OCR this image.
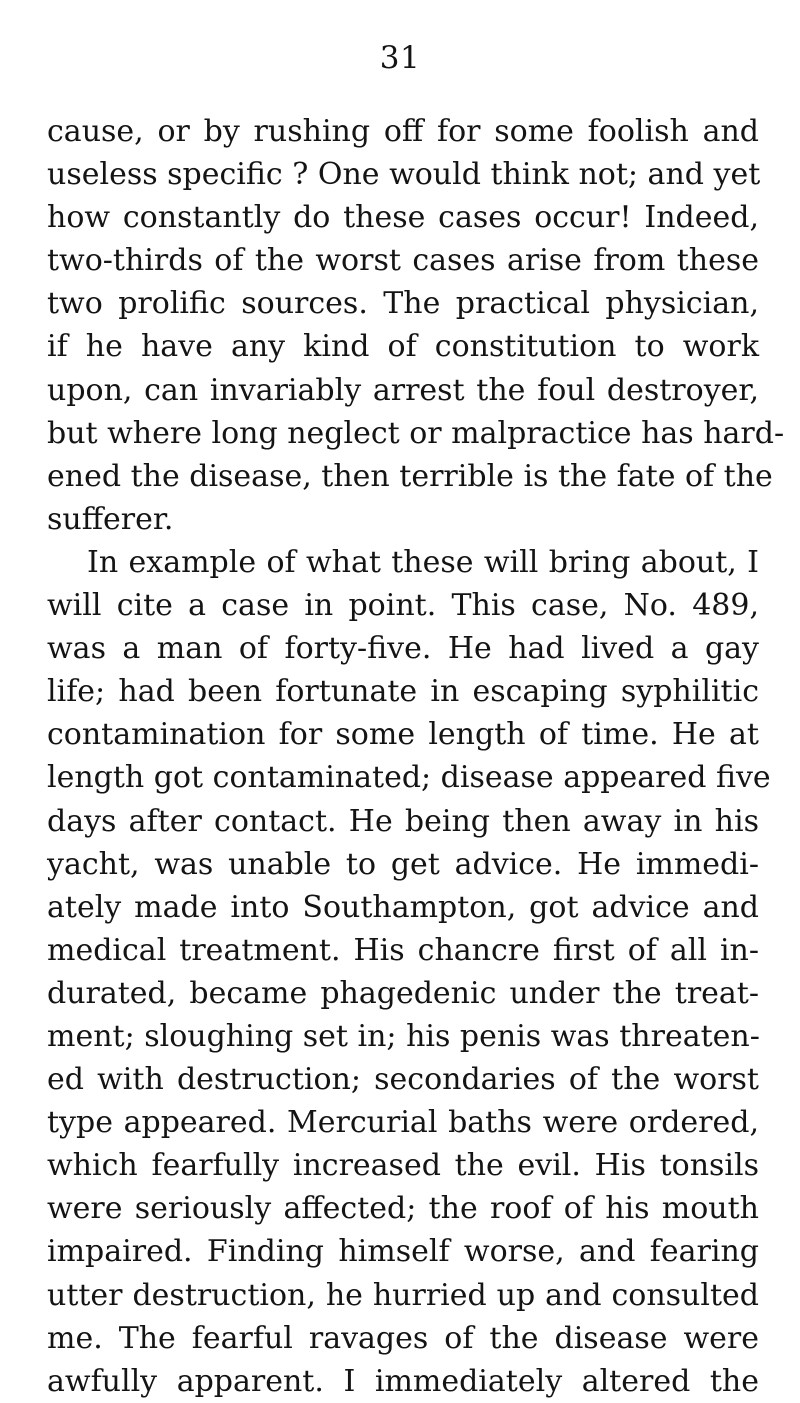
31
cause, or by rushing off for some foolish and
useless specific ? One would think not; and yet
how constantly do these cases occur! Indeed,
two-thirds of the worst cases arise from these
two prolific sources. The practical physician,
if he have any kind of constitution to work
upon, can invariably arrest the foul destroyer,
but where long neglect or malpractice has hard-
ened the disease, then terrible is the fate of the
sufferer.
In example of what these will bring about, I
will cite a case in point. This case, No. 489,
was a man of forty-five. He had lived a gay
life; had been fortunate in escaping syphilitic
contamination for some length of time. He at
length got contaminated; disease appeared five
days after contact. He being then away in his
yacht, was unable to get advice. He immedi-
ately made into Southampton, got advice and
medical treatment. His chancre first of all in-
durated, became phagedenic under the treat-
ment; sloughing set in; his penis was threaten-
ed with destruction; secondaries of the worst
type appeared. Mercurial baths were ordered,
which fearfully increased the evil. His tonsils
were seriously affected; the roof of his mouth
impaired. Finding himself worse, and fearing
utter destruction, he hurried up and consulted
me. The fearful ravages of the disease were
awfully apparent. I immediately altered the
